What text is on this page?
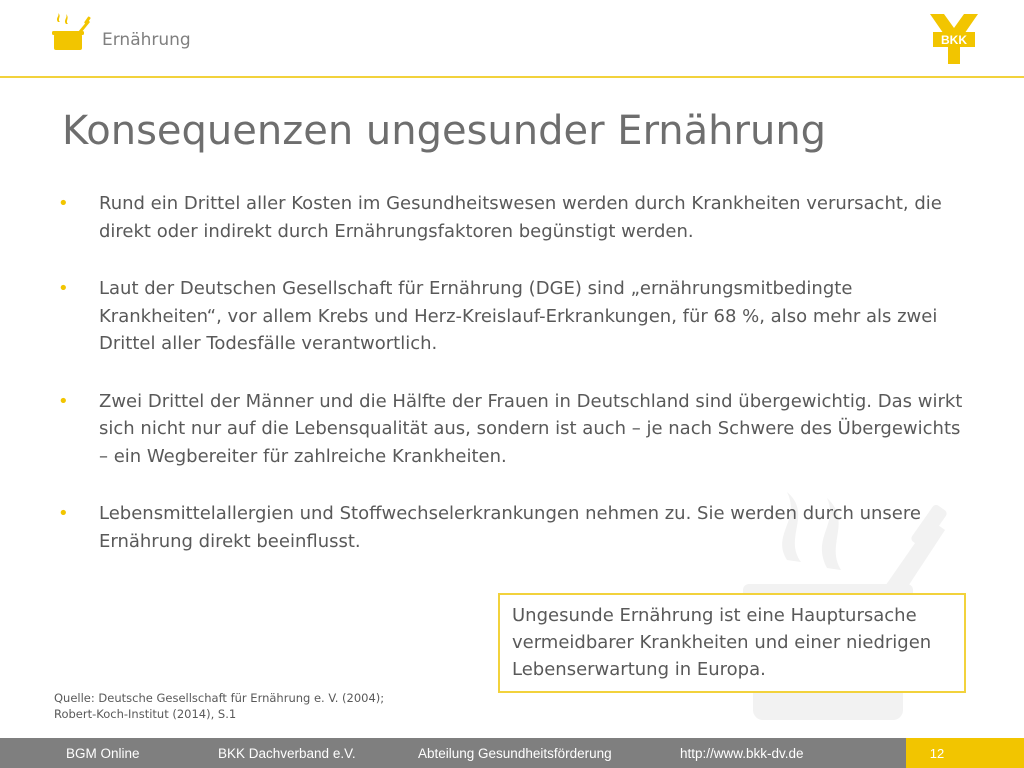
Ernährung	BKK
Konsequenzen ungesunder Ernährung
• Rund ein Drittel aller Kosten im Gesundheitswesen werden durch Krankheiten verursacht, die direkt oder indirekt durch Ernährungsfaktoren begünstigt werden.
• Laut der Deutschen Gesellschaft für Ernährung (DGE) sind „ernährungsmitbedingte Krankheiten“, vor allem Krebs und Herz-Kreislauf-Erkrankungen, für 68 %, also mehr als zwei Drittel aller Todesfälle verantwortlich.
• Zwei Drittel der Männer und die Hälfte der Frauen in Deutschland sind übergewichtig. Das wirkt sich nicht nur auf die Lebensqualität aus, sondern ist auch – je nach Schwere des Übergewichts – ein Wegbereiter für zahlreiche Krankheiten.
• Lebensmittelallergien und Stoffwechselerkrankungen nehmen zu. Sie werden durch unsere Ernährung direkt beeinflusst.
Ungesunde Ernährung ist eine Hauptursache vermeidbarer Krankheiten und einer niedrigen Lebenserwartung in Europa.
Quelle: Deutsche Gesellschaft für Ernährung e. V. (2004);
Robert-Koch-Institut (2014), S.1
BGM Online	BKK Dachverband e.V.	Abteilung Gesundheitsförderung	http://www.bkk-dv.de	12
